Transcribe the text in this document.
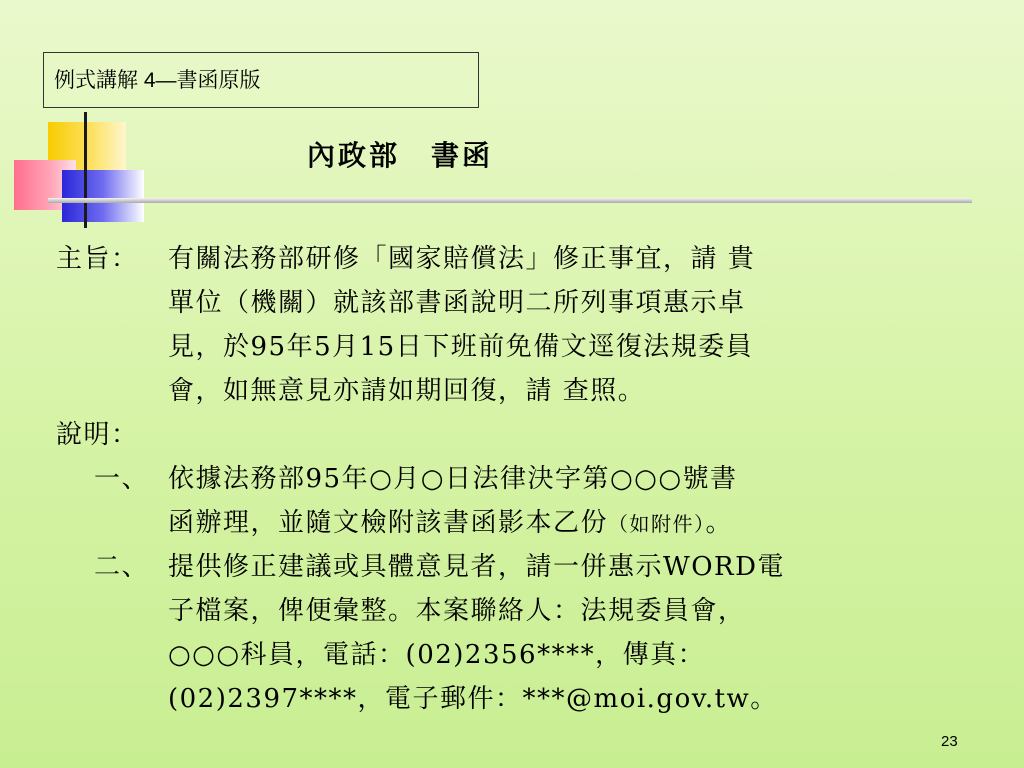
例式講解 4—書函原版
內政部　書函
主旨： 有關法務部研修「國家賠償法」修正事宜，請 貴
單位（機關）就該部書函說明二所列事項惠示卓
見，於95年5月15日下班前免備文逕復法規委員
會，如無意見亦請如期回復，請 查照。
說明：
一、 依據法務部95年○月○日法律決字第○○○號書
函辦理，並隨文檢附該書函影本乙份（如附件）。
二、 提供修正建議或具體意見者，請一併惠示WORD電
子檔案，俾便彙整。本案聯絡人：法規委員會，
○○○科員，電話：(02)2356****，傳真：
(02)2397****，電子郵件：***@moi.gov.tw。
23
